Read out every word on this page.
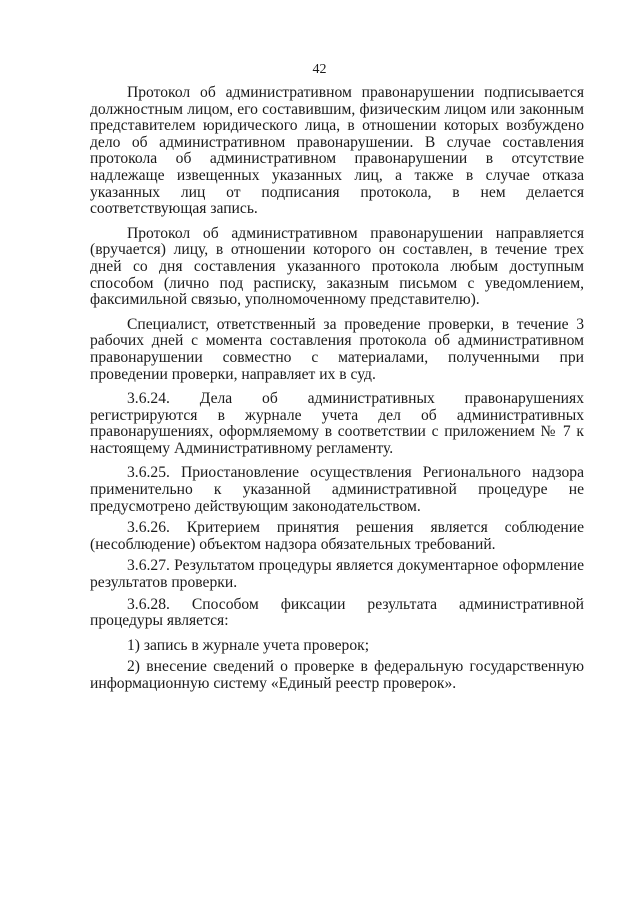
42

Протокол об административном правонарушении подписывается должностным лицом, его составившим, физическим лицом или законным представителем юридического лица, в отношении которых возбуждено дело об административном правонарушении. В случае составления протокола об административном правонарушении в отсутствие надлежаще извещенных указанных лиц, а также в случае отказа указанных лиц от подписания протокола, в нем делается соответствующая запись.

Протокол об административном правонарушении направляется (вручается) лицу, в отношении которого он составлен, в течение трех дней со дня составления указанного протокола любым доступным способом (лично под расписку, заказным письмом с уведомлением, факсимильной связью, уполномоченному представителю).

Специалист, ответственный за проведение проверки, в течение 3 рабочих дней с момента составления протокола об административном правонарушении совместно с материалами, полученными при проведении проверки, направляет их в суд.

3.6.24. Дела об административных правонарушениях регистрируются в журнале учета дел об административных правонарушениях, оформляемому в соответствии с приложением № 7 к настоящему Административному регламенту.

3.6.25. Приостановление осуществления Регионального надзора применительно к указанной административной процедуре не предусмотрено действующим законодательством.

3.6.26. Критерием принятия решения является соблюдение (несоблюдение) объектом надзора обязательных требований.

3.6.27. Результатом процедуры является документарное оформление результатов проверки.

3.6.28. Способом фиксации результата административной процедуры является:

1) запись в журнале учета проверок;

2) внесение сведений о проверке в федеральную государственную информационную систему «Единый реестр проверок».
